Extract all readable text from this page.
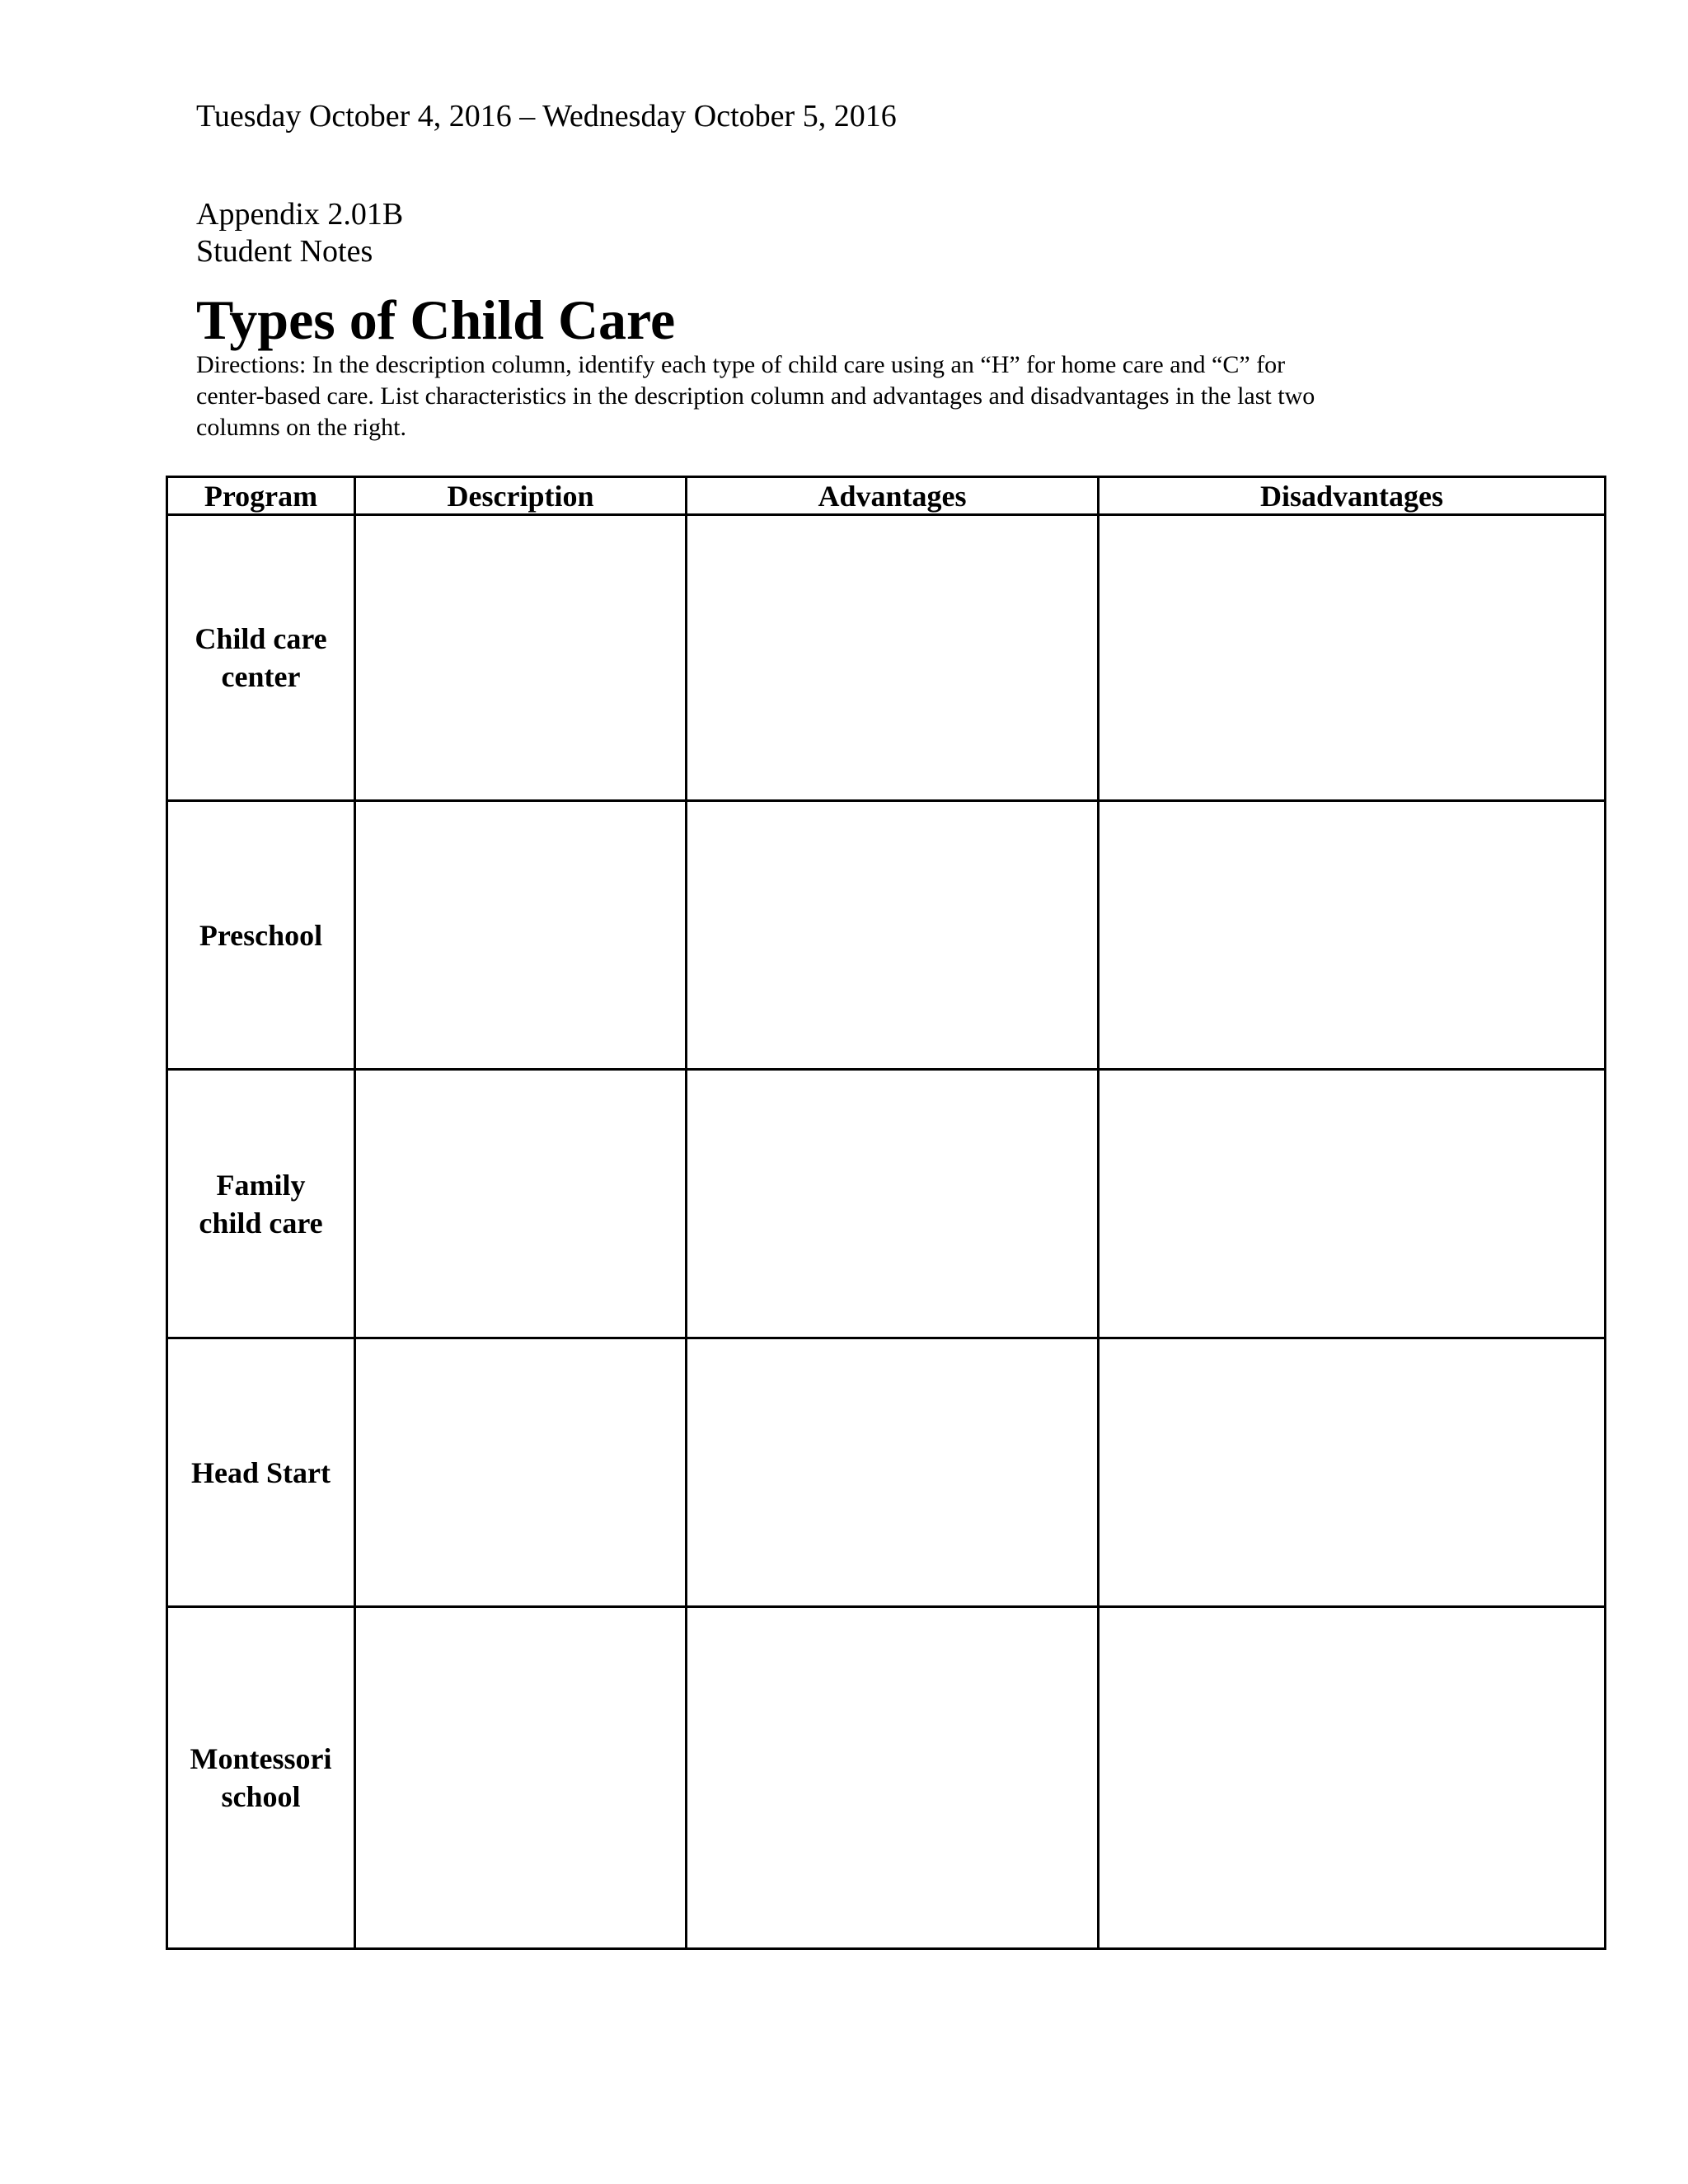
Tuesday October 4, 2016 – Wednesday October 5, 2016
Appendix 2.01B
Student Notes
Types of Child Care
Directions: In the description column, identify each type of child care using an “H” for home care and “C” for
center-based care. List characteristics in the description column and advantages and disadvantages in the last two
columns on the right.
Program	Description	Advantages	Disadvantages

Child care
center			

Preschool			

Family
child care			

Head Start			

Montessori
school			
